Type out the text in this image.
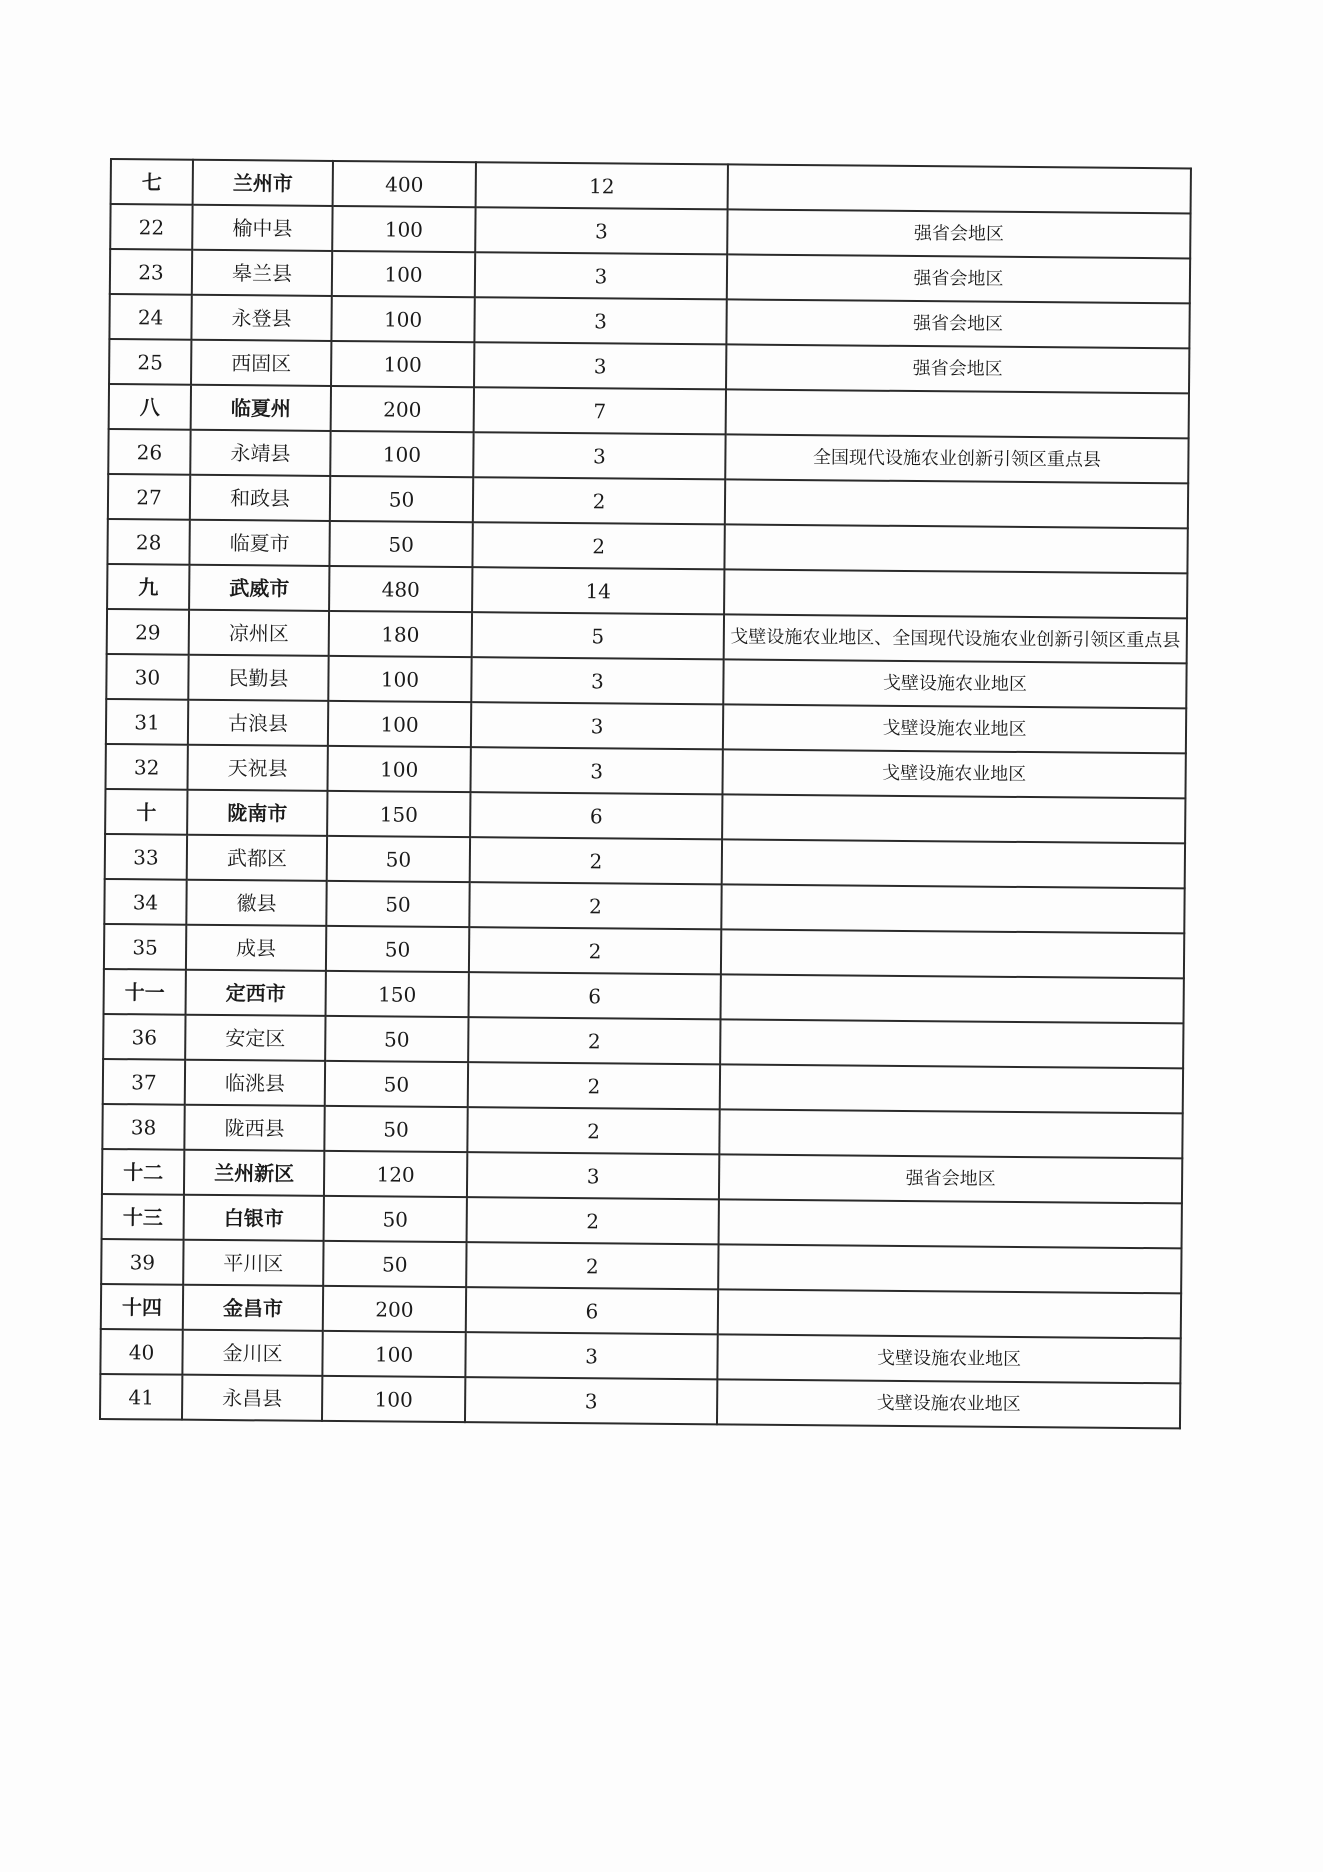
七	兰州市	400	12	
22	榆中县	100	3	强省会地区
23	皋兰县	100	3	强省会地区
24	永登县	100	3	强省会地区
25	西固区	100	3	强省会地区
八	临夏州	200	7	
26	永靖县	100	3	全国现代设施农业创新引领区重点县
27	和政县	50	2	
28	临夏市	50	2	
九	武威市	480	14	
29	凉州区	180	5	戈壁设施农业地区、全国现代设施农业创新引领区重点县
30	民勤县	100	3	戈壁设施农业地区
31	古浪县	100	3	戈壁设施农业地区
32	天祝县	100	3	戈壁设施农业地区
十	陇南市	150	6	
33	武都区	50	2	
34	徽县	50	2	
35	成县	50	2	
十一	定西市	150	6	
36	安定区	50	2	
37	临洮县	50	2	
38	陇西县	50	2	
十二	兰州新区	120	3	强省会地区
十三	白银市	50	2	
39	平川区	50	2	
十四	金昌市	200	6	
40	金川区	100	3	戈壁设施农业地区
41	永昌县	100	3	戈壁设施农业地区
